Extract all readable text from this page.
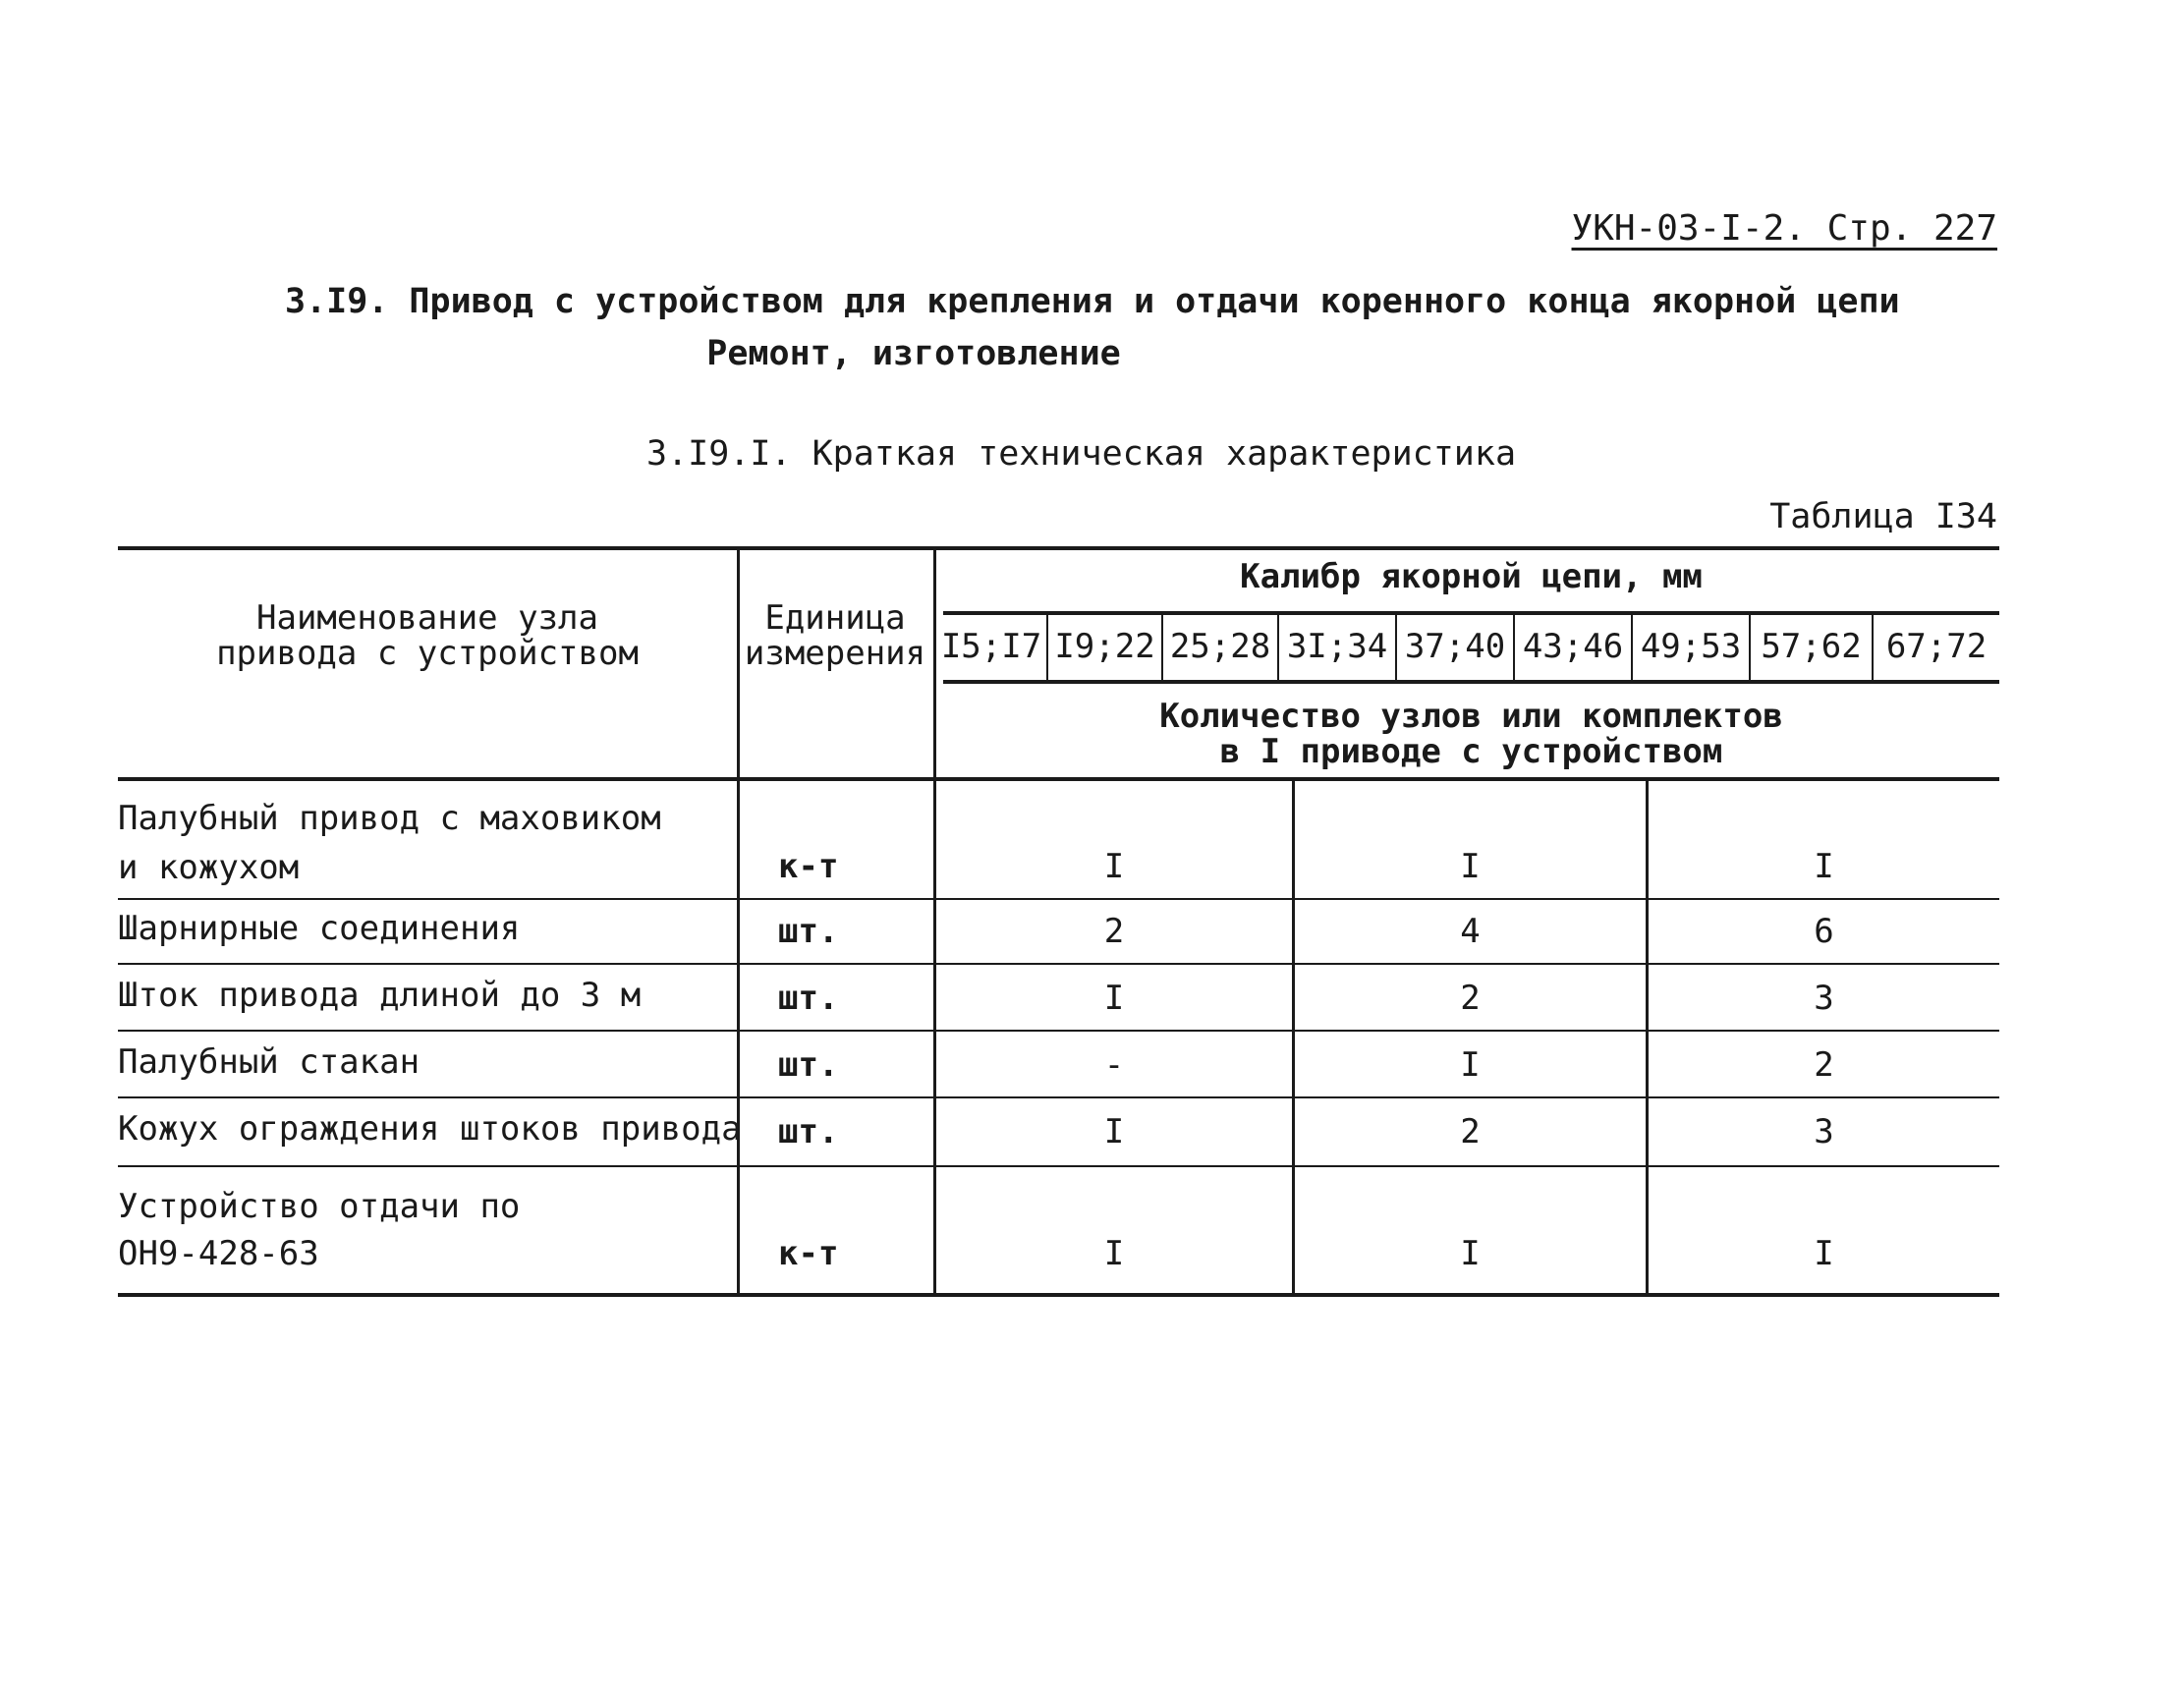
УКН-03-I-2. Стр. 227
3.I9. Привод с устройством для крепления и отдачи коренного конца якорной цепи
Ремонт, изготовление
3.I9.I. Краткая техническая характеристика
Таблица I34
Наименование узла
привода с устройством
Единица
измерения
Калибр якорной цепи, мм
I5;I7 I9;22 25;28 3I;34 37;40 43;46 49;53 57;62 67;72
Количество узлов или комплектов
в I приводе с устройством
Палубный привод с маховиком
и кожухом	к-т	I	I	I
Шарнирные соединения	шт.	2	4	6
Шток привода длиной до 3 м	шт.	I	2	3
Палубный стакан	шт.	-	I	2
Кожух ограждения штоков привода шт.	I	2	3
Устройство отдачи по
ОН9-428-63	к-т	I	I	I
